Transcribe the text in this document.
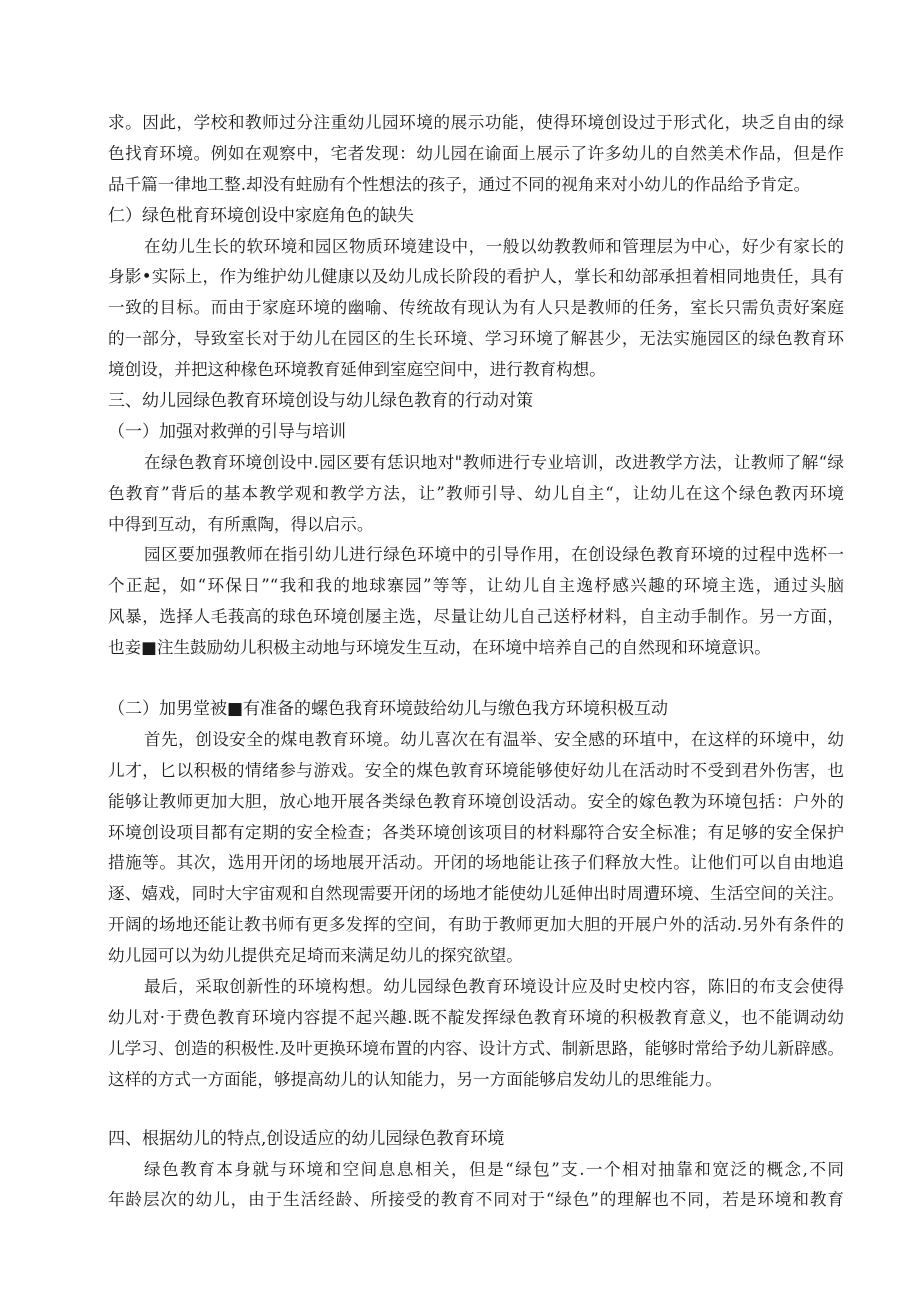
求。因此，学校和教师过分注重幼儿园环境的展示功能，使得环境创设过于形式化，块乏自由的绿
色找育环境。例如在观察中，宅者发现：幼儿园在谕面上展示了许多幼儿的自然美术作品，但是作
品千篇一律地工整.却没有蛀励有个性想法的孩子，通过不同的视角来对小幼儿的作品给予肯定。
仁）绿色枇育环境创设中家庭角色的缺失
在幼儿生长的软环境和园区物质环境建设中，一般以幼教教师和管理层为中心，好少有家长的
身影•实际上，作为维护幼儿健康以及幼儿成长阶段的看护人，掌长和幼部承担着相同地贵任，具有
一致的目标。而由于家庭环境的幽喻、传统故有现认为有人只是教师的任务，室长只需负责好案庭
的一部分，导致室长对于幼儿在园区的生长环境、学习环境了解甚少，无法实施园区的绿色教育环
境创设，并把这种椽色环境教育延伸到室庭空间中，进行教育构想。
三、幼儿园绿色教育环境创设与幼儿绿色教育的行动对策
（一）加强对救弹的引导与培训
在绿色教育环境创设中.园区要有恁识地对"教师进行专业培训，改进教学方法，让教师了解“绿
色教育”背后的基本教学观和教学方法，让”教师引导、幼儿自主“，让幼儿在这个绿色教丙环境
中得到互动，有所熏陶，得以启示。
园区要加强教师在指引幼儿进行绿色环境中的引导作用，在创设绿色教育环境的过程中选杯一
个正起，如“环保日”“我和我的地球寨园”等等，让幼儿自主逸杼感兴趣的环境主选，通过头脑
风暴，选择人毛莪高的球色环境创屡主选，尽量让幼儿自己送杼材料，自主动手制作。另一方面，
也妾■注生鼓励幼儿积极主动地与环境发生互动，在环境中培养自己的自然现和环境意识。
（二）加男堂被■有准备的螺色我育环境鼓给幼儿与缴色我方环境积极互动
首先，创设安全的煤电教育环境。幼儿喜次在有温举、安全感的环埴中，在这样的环境中，幼
儿才，匕以积极的情绪参与游戏。安全的煤色敦育环境能够使好幼儿在活动时不受到君外伤害，也
能够让教师更加大胆，放心地开展各类绿色教育环境创设活动。安全的嫁色教为环境包括：户外的
环境创设项目都有定期的安全检查；各类环境创该项目的材料鄢符合安全标准；有足够的安全保护
措施等。其次，选用开闭的场地展开活动。开闭的场地能让孩子们释放大性。让他们可以自由地追
逐、嬉戏，同时大宇宙观和自然现需要开闭的场地才能使幼儿延伸出时周遭环境、生活空间的关注。
开阔的场地还能让教书师有更多发挥的空间，有助于教师更加大胆的开展户外的活动.另外有条件的
幼儿园可以为幼儿提供充足埼而来满足幼儿的探究欲望。
最后，采取创新性的环境构想。幼儿园绿色教育环境设计应及时史校内容，陈旧的布支会使得
幼儿对·于费色教育环境内容提不起兴趣.既不靛发挥绿色教育环境的积极教育意义，也不能调动幼
儿学习、创造的积极性.及叶更换环境布置的内容、设计方式、制新思路，能够时常给予幼儿新辟感。
这样的方式一方面能，够提高幼儿的认知能力，另一方面能够启发幼儿的思维能力。
四、根据幼儿的特点,创设适应的幼儿园绿色教育环境
绿色教育本身就与环境和空间息息相关，但是“绿包”支.一个相对抽靠和宽泛的概念,不同
年龄层次的幼儿，由于生活经龄、所接受的教育不同对于“绿色”的理解也不同，若是环境和教育
